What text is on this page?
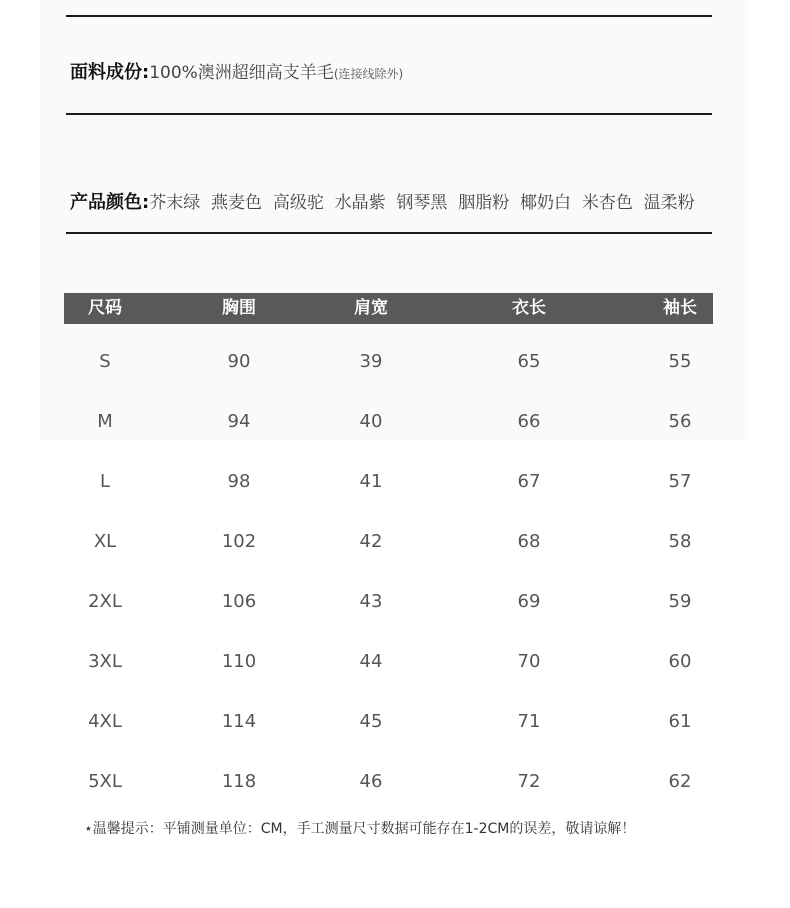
面料成份:100%澳洲超细高支羊毛(连接线除外)
产品颜色:芥末绿  燕麦色  高级驼  水晶紫  钢琴黑  胭脂粉  椰奶白  米杏色  温柔粉
尺码	胸围	肩宽	衣长	袖长
S	90	39	65	55
M	94	40	66	56
L	98	41	67	57
XL	102	42	68	58
2XL	106	43	69	59
3XL	110	44	70	60
4XL	114	45	71	61
5XL	118	46	72	62
⋆温馨提示：平铺测量单位：CM，手工测量尺寸数据可能存在1-2CM的误差，敬请谅解！
